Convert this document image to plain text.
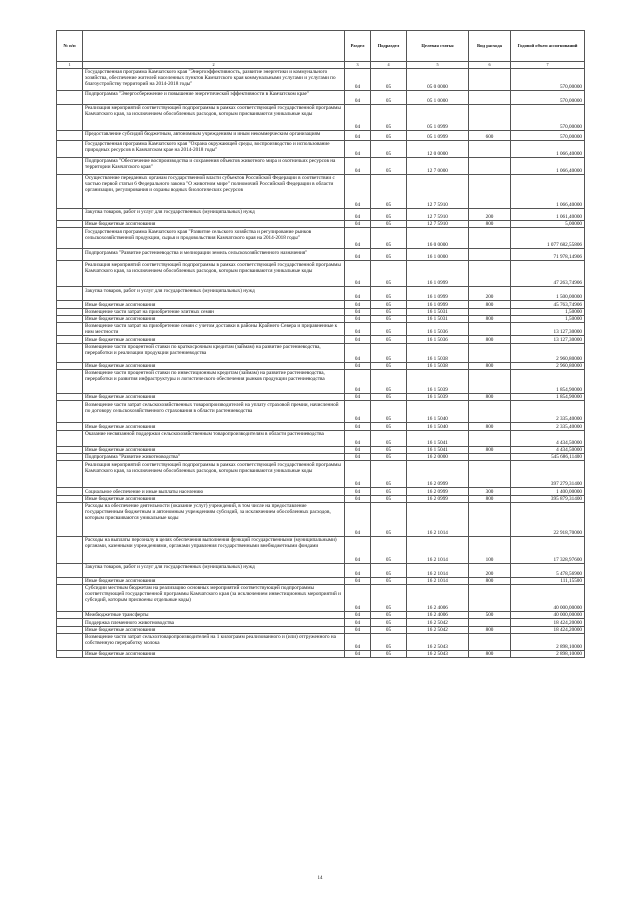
№ п/п		Раздел	Подраздел	Целевая статья	Вид расхода	Годовой объем ассигнований
1	2	3	4	5	6	7
	Государственная программа Камчатского края "Энергоэффективность, развитие энергетики и коммунального хозяйства, обеспечение жителей населенных пунктов Камчатского края коммунальными услугами и услугами по благоустройству территорий на 2014-2018 годы"	04	05	05 0 0000		570,00000
	Подпрограмма "Энергосбережение и повышение энергетической эффективности в Камчатском крае"	04	05	05 1 0000		570,00000
	Реализация мероприятий соответствующей подпрограммы в рамках соответствующей государственной программы Камчатского края, за исключением обособленных расходов, которым присваиваются уникальные коды	04	05	05 1 0999		570,00000
	Предоставление субсидий бюджетным, автономным учреждениям и иным некоммерческим организациям	04	05	05 1 0999	600	570,00000
	Государственная программа Камчатского края "Охрана окружающей среды, воспроизводство и использование природных ресурсов в Камчатском крае на 2014-2018 годы"	04	05	12 0 0000		1 066,40000
	Подпрограмма "Обеспечение воспроизводства и сохранения объектов животного мира и охотничьих ресурсов на территории Камчатского края"	04	05	12 7 0000		1 066,40000
	Осуществление переданных органам государственной власти субъектов Российской Федерации в соответствии с частью первой статьи 6 Федерального закона "О животном мире" полномочий Российской Федерации в области организации, регулирования и охраны водных биологических ресурсов	04	05	12 7 5910		1 066,40000
	Закупка товаров, работ и услуг для государственных (муниципальных) нужд	04	05	12 7 5910	200	1 061,40000
	Иные бюджетные ассигнования	04	05	12 7 5910	800	5,00000
	Государственная программа Камчатского края "Развитие сельского хозяйства и регулирование рынков сельскохозяйственной продукции, сырья и продовольствия Камчатского края на 2014-2018 годы"	04	05	16 0 0000		1 077 682,55806
	Подпрограмма "Развитие растениеводства и мелиорации земель сельскохозяйственного назначения"	04	05	16 1 0000		71 978,14906
	Реализация мероприятий соответствующей подпрограммы в рамках соответствующей государственной программы Камчатского края, за исключением обособленных расходов, которым присваиваются уникальные коды	04	05	16 1 0999		47 263,74906
	Закупка товаров, работ и услуг для государственных (муниципальных) нужд	04	05	16 1 0999	200	1 500,00000
	Иные бюджетные ассигнования	04	05	16 1 0999	800	45 763,74906
	Возмещение части затрат на приобретение элитных семян	04	05	16 1 5031		1,50000
	Иные бюджетные ассигнования	04	05	16 1 5031	800	1,50000
	Возмещение части затрат на приобретение семян с учетом доставки в районы Крайнего Севера и приравненные к ним местности	04	05	16 1 5036		13 127,30000
	Иные бюджетные ассигнования	04	05	16 1 5036	800	13 127,30000
	Возмещение части процентной ставки по краткосрочным кредитам (займам) на развитие растениеводства, переработки и реализации продукции растениеводства	04	05	16 1 5038		2 960,80000
	Иные бюджетные ассигнования	04	05	16 1 5038	800	2 960,80000
	Возмещение части процентной ставки по инвестиционным кредитам (займам) на развитие растениеводства, переработки и развития инфраструктуры и логистического обеспечения рынков продукции растениеводства	04	05	16 1 5039		1 854,90000
	Иные бюджетные ассигнования	04	05	16 1 5039	800	1 854,90000
	Возмещение части затрат сельскохозяйственных товаропроизводителей на уплату страховой премии, начисленной по договору сельскохозяйственного страхования в области растениеводства	04	05	16 1 5040		2 335,40000
	Иные бюджетные ассигнования	04	05	16 1 5040	800	2 335,40000
	Оказание несвязанной поддержки сельскохозяйственным товаропроизводителям в области растениеводства	04	05	16 1 5041		4 434,50000
	Иные бюджетные ассигнования	04	05	16 1 5041	800	4 434,50000
	Подпрограмма "Развитие животноводства"	04	05	16 2 0000		545 686,11400
	Реализация мероприятий соответствующей подпрограммы в рамках соответствующей государственной программы Камчатского края, за исключением обособленных расходов, которым присваиваются уникальные коды	04	05	16 2 0999		397 279,31400
	Социальное обеспечение и иные выплаты населению	04	05	16 2 0999	300	1 400,00000
	Иные бюджетные ассигнования	04	05	16 2 0999	800	395 879,31400
	Расходы на обеспечение деятельности (оказание услуг) учреждений, в том числе на предоставление государственным бюджетным и автономным учреждениям субсидий, за исключением обособленных расходов, которым присваиваются уникальные коды	04	05	16 2 1014		22 918,70000
	Расходы на выплаты персоналу в целях обеспечения выполнения функций государственными (муниципальными) органами, казенными учреждениями, органами управления государственными внебюджетными фондами	04	05	16 2 1014	100	17 328,97600
	Закупка товаров, работ и услуг для государственных (муниципальных) нужд	04	05	16 2 1014	200	5 478,56900
	Иные бюджетные ассигнования	04	05	16 2 1014	800	111,15500
	Субсидии местным бюджетам на реализацию основных мероприятий соответствующей подпрограммы соответствующей государственной программы Камчатского края (за исключением инвестиционных мероприятий и субсидий, которым присвоены отдельные коды)	04	05	16 2 4006		40 000,00000
	Межбюджетные трансферты	04	05	16 2 4006	500	40 000,00000
	Поддержка племенного животноводства	04	05	16 2 5042		18 424,20000
	Иные бюджетные ассигнования	04	05	16 2 5042	800	18 424,20000
	Возмещение части затрат сельхозтоваропроизводителей на 1 килограмм реализованного и (или) отгруженного на собственную переработку молока	04	05	16 2 5043		2 898,10000
	Иные бюджетные ассигнования	04	05	16 2 5043	800	2 898,10000
14
